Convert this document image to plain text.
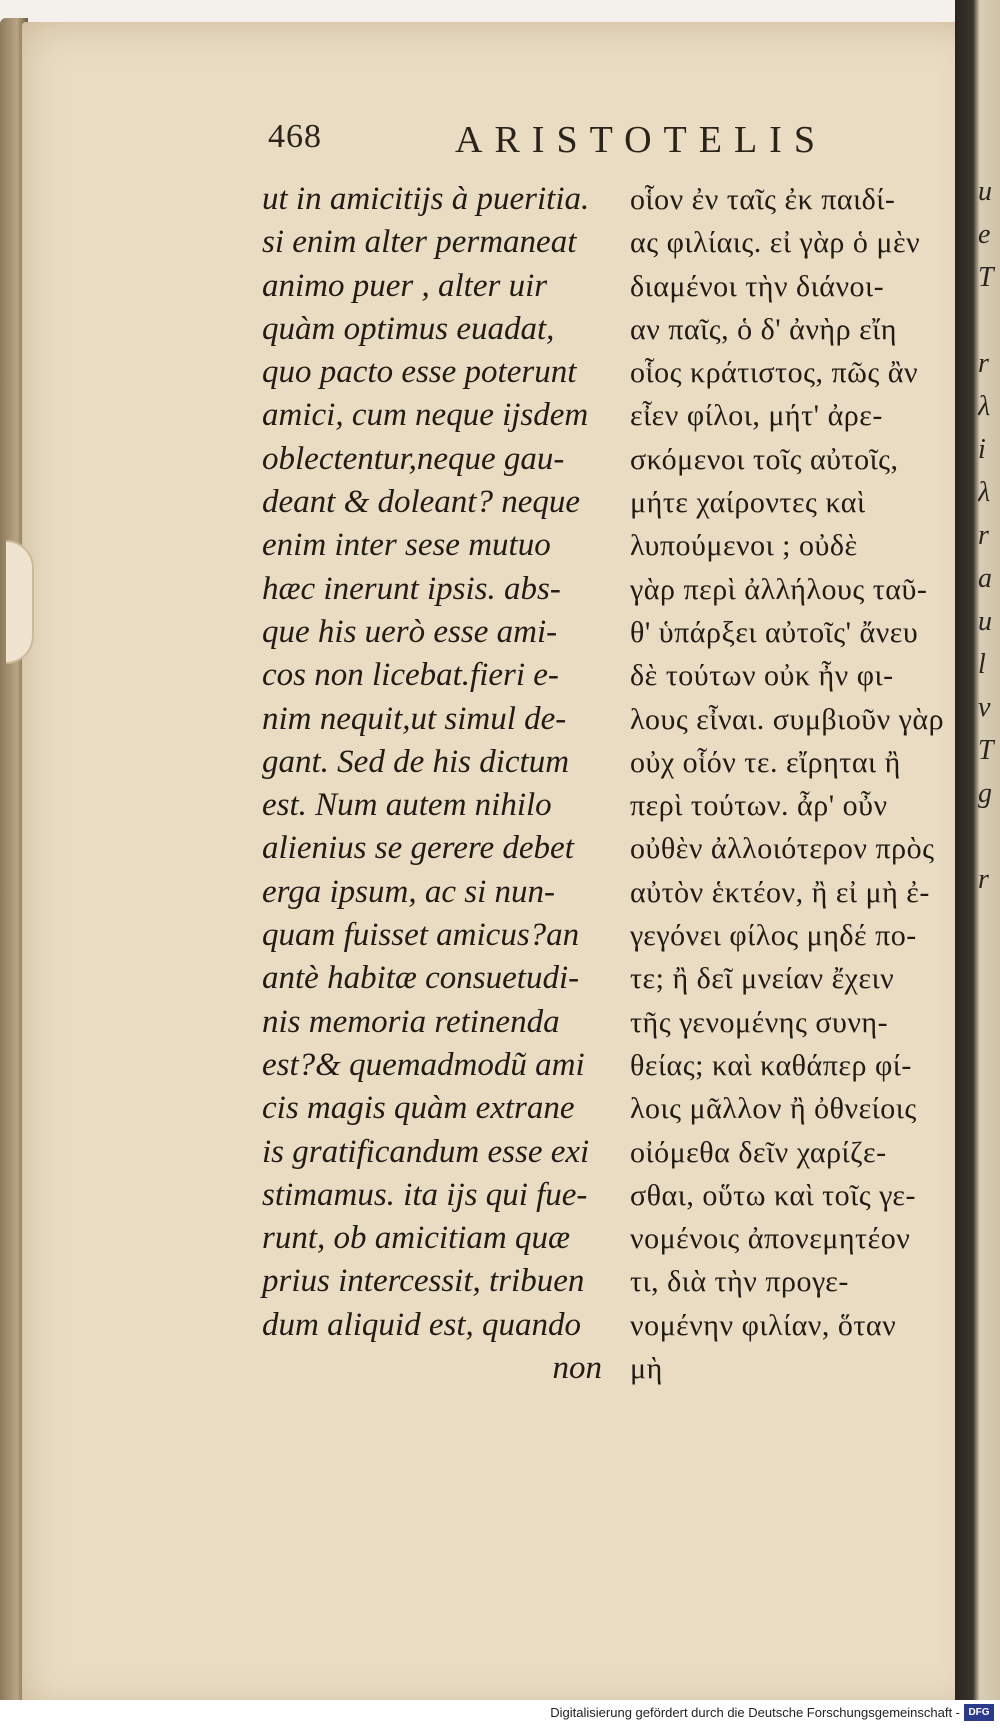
u
e
T
r
λ
i
λ
r
a
u
l
v
T
g
r
468	ARISTOTELIS
ut in amicitijs à pueritia.
si enim alter permaneat
animo puer , alter uir
quàm optimus euadat,
quo pacto esse poterunt
amici, cum neque ijsdem
oblectentur,neque gau-
deant & doleant? neque
enim inter sese mutuo
hæc inerunt ipsis. abs-
que his uerò esse ami-
cos non licebat.fieri e-
nim nequit,ut simul de-
gant. Sed de his dictum
est. Num autem nihilo
alienius se gerere debet
erga ipsum, ac si nun-
quam fuisset amicus?an
antè habitæ consuetudi-
nis memoria retinenda
est?& quemadmodũ ami
cis magis quàm extrane
is gratificandum esse exi
stimamus. ita ijs qui fue-
runt, ob amicitiam quæ
prius intercessit, tribuen
dum aliquid est, quando
non
οἷον ἐν ταῖς ἐκ παιδί-
ας φιλίαις. εἰ γὰρ ὁ μὲν
διαμένοι τὴν διάνοι-
αν παῖς, ὁ δ' ἀνὴρ εἴη
οἷος κράτιστος, πῶς ἂν
εἶεν φίλοι, μήτ' ἀρε-
σκόμενοι τοῖς αὐτοῖς,
μήτε χαίροντες καὶ
λυπούμενοι ; οὐδὲ
γὰρ περὶ ἀλλήλους ταῦ-
θ' ὑπάρξει αὐτοῖς' ἄνευ
δὲ τούτων οὐκ ἦν φι-
λους εἶναι. συμβιοῦν γὰρ
οὐχ οἷόν τε. εἴρηται ἢ
περὶ τούτων. ἆρ' οὖν
οὐθὲν ἀλλοιότερον πρὸς
αὐτὸν ἑκτέον, ἢ εἰ μὴ ἐ-
γεγόνει φίλος μηδέ πο-
τε; ἢ δεῖ μνείαν ἔχειν
τῆς γενομένης συνη-
θείας; καὶ καθάπερ φί-
λοις μᾶλλον ἢ ὀθνείοις
οἰόμεθα δεῖν χαρίζε-
σθαι, οὕτω καὶ τοῖς γε-
νομένοις ἀπονεμητέον
τι, διὰ τὴν προγε-
νομένην φιλίαν, ὅταν
μὴ
Digitalisierung gefördert durch die Deutsche Forschungsgemeinschaft - DFG
